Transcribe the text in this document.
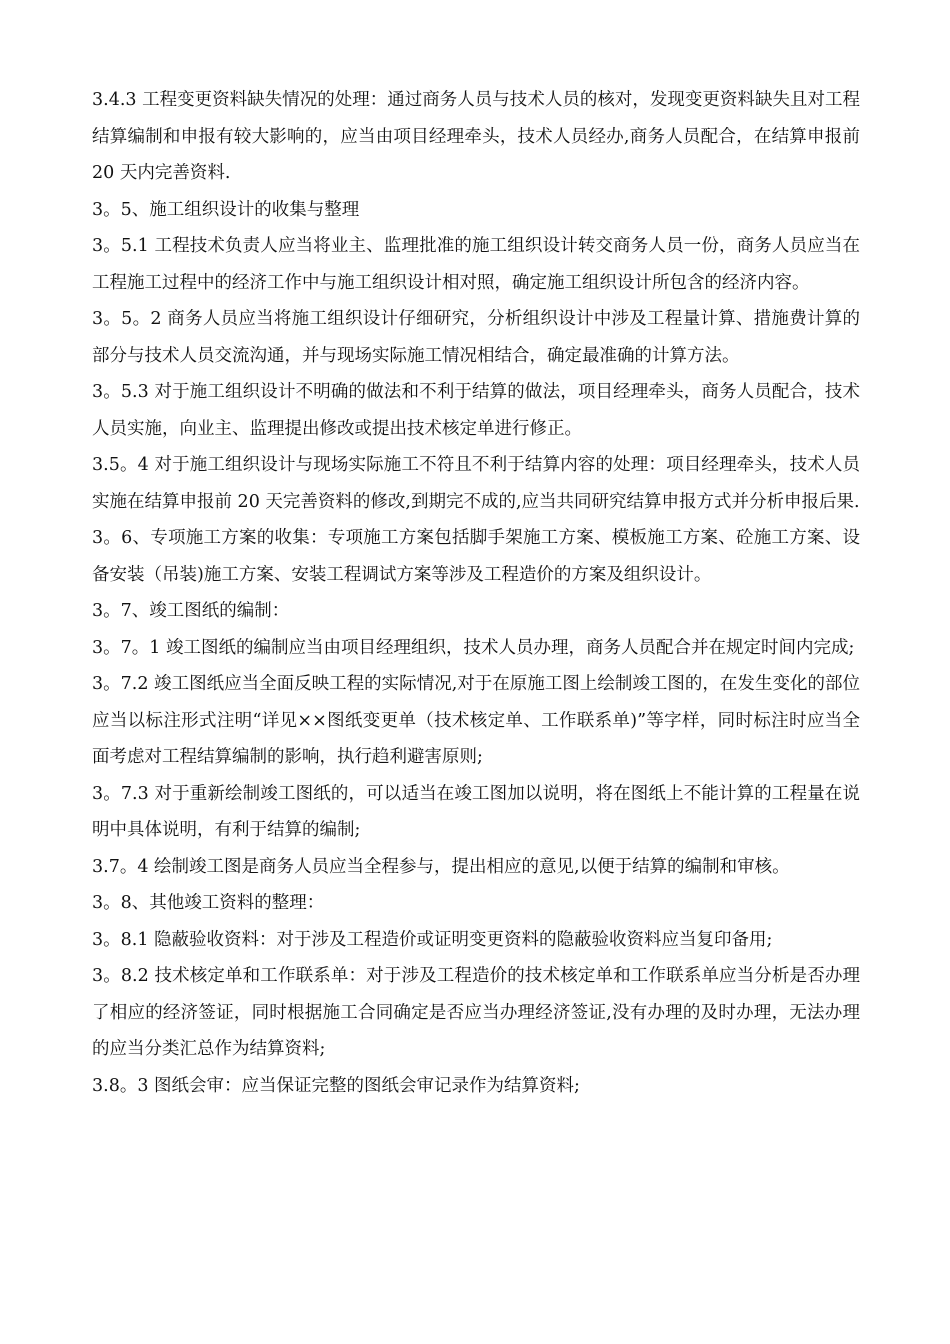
3.4.3 工程变更资料缺失情况的处理：通过商务人员与技术人员的核对，发现变更资料缺失且对工程结算编制和申报有较大影响的，应当由项目经理牵头，技术人员经办,商务人员配合，在结算申报前 20 天内完善资料.

3。5、施工组织设计的收集与整理

3。5.1 工程技术负责人应当将业主、监理批准的施工组织设计转交商务人员一份，商务人员应当在工程施工过程中的经济工作中与施工组织设计相对照，确定施工组织设计所包含的经济内容。

3。5。2 商务人员应当将施工组织设计仔细研究，分析组织设计中涉及工程量计算、措施费计算的部分与技术人员交流沟通，并与现场实际施工情况相结合，确定最准确的计算方法。

3。5.3 对于施工组织设计不明确的做法和不利于结算的做法，项目经理牵头，商务人员配合，技术人员实施，向业主、监理提出修改或提出技术核定单进行修正。

3.5。4 对于施工组织设计与现场实际施工不符且不利于结算内容的处理：项目经理牵头，技术人员实施在结算申报前 20 天完善资料的修改,到期完不成的,应当共同研究结算申报方式并分析申报后果.

3。6、专项施工方案的收集：专项施工方案包括脚手架施工方案、模板施工方案、砼施工方案、设备安装（吊装)施工方案、安装工程调试方案等涉及工程造价的方案及组织设计。

3。7、竣工图纸的编制：

3。7。1 竣工图纸的编制应当由项目经理组织，技术人员办理，商务人员配合并在规定时间内完成;

3。7.2 竣工图纸应当全面反映工程的实际情况,对于在原施工图上绘制竣工图的，在发生变化的部位应当以标注形式注明“详见××图纸变更单（技术核定单、工作联系单)”等字样，同时标注时应当全面考虑对工程结算编制的影响，执行趋利避害原则;

3。7.3 对于重新绘制竣工图纸的，可以适当在竣工图加以说明，将在图纸上不能计算的工程量在说明中具体说明，有利于结算的编制;

3.7。4 绘制竣工图是商务人员应当全程参与，提出相应的意见,以便于结算的编制和审核。

3。8、其他竣工资料的整理：

3。8.1 隐蔽验收资料：对于涉及工程造价或证明变更资料的隐蔽验收资料应当复印备用;

3。8.2 技术核定单和工作联系单：对于涉及工程造价的技术核定单和工作联系单应当分析是否办理了相应的经济签证，同时根据施工合同确定是否应当办理经济签证,没有办理的及时办理，无法办理的应当分类汇总作为结算资料;

3.8。3 图纸会审：应当保证完整的图纸会审记录作为结算资料;
